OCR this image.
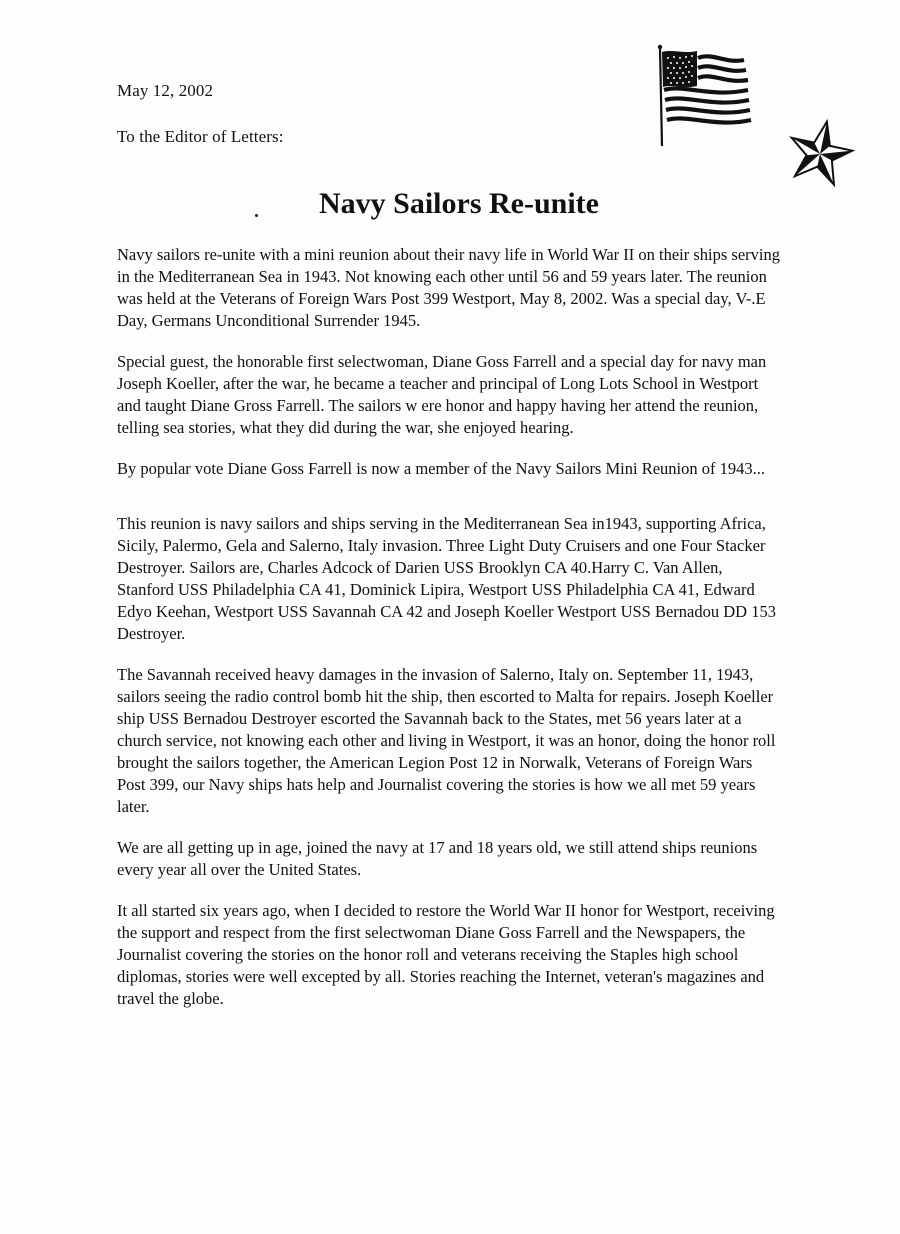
May 12, 2002
To the Editor of Letters:
Navy Sailors Re-unite

Navy sailors re-unite with a mini reunion about their navy life in World War II on their ships serving in the Mediterranean Sea in 1943. Not knowing each other until 56 and 59 years later. The reunion was held at the Veterans of Foreign Wars Post 399 Westport, May 8, 2002. Was a special day, V-.E Day, Germans Unconditional Surrender 1945.

Special guest, the honorable first selectwoman, Diane Goss Farrell and a special day for navy man Joseph Koeller, after the war, he became a teacher and principal of Long Lots School in Westport and taught Diane Gross Farrell. The sailors w ere honor and happy having her attend the reunion, telling sea stories, what they did during the war, she enjoyed hearing.

By popular vote Diane Goss Farrell is now a member of the Navy Sailors Mini Reunion of 1943...

This reunion is navy sailors and ships serving in the Mediterranean Sea in1943, supporting Africa, Sicily, Palermo, Gela and Salerno, Italy invasion. Three Light Duty Cruisers and one Four Stacker Destroyer. Sailors are, Charles Adcock of Darien USS Brooklyn CA 40.Harry C. Van Allen, Stanford USS Philadelphia CA 41, Dominick Lipira, Westport USS Philadelphia CA 41, Edward Edyo Keehan, Westport USS Savannah CA 42 and Joseph Koeller Westport USS Bernadou DD 153 Destroyer.

The Savannah received heavy damages in the invasion of Salerno, Italy on. September 11, 1943, sailors seeing the radio control bomb hit the ship, then escorted to Malta for repairs. Joseph Koeller ship USS Bernadou Destroyer escorted the Savannah back to the States, met 56 years later at a church service, not knowing each other and living in Westport, it was an honor, doing the honor roll brought the sailors together, the American Legion Post 12 in Norwalk, Veterans of Foreign Wars Post 399, our Navy ships hats help and Journalist covering the stories is how we all met 59 years later.

We are all getting up in age, joined the navy at 17 and 18 years old, we still attend ships reunions every year all over the United States.

It all started six years ago, when I decided to restore the World War II honor for Westport, receiving the support and respect from the first selectwoman Diane Goss Farrell and the Newspapers, the Journalist covering the stories on the honor roll and veterans receiving the Staples high school diplomas, stories were well excepted by all. Stories reaching the Internet, veteran's magazines and travel the globe.
